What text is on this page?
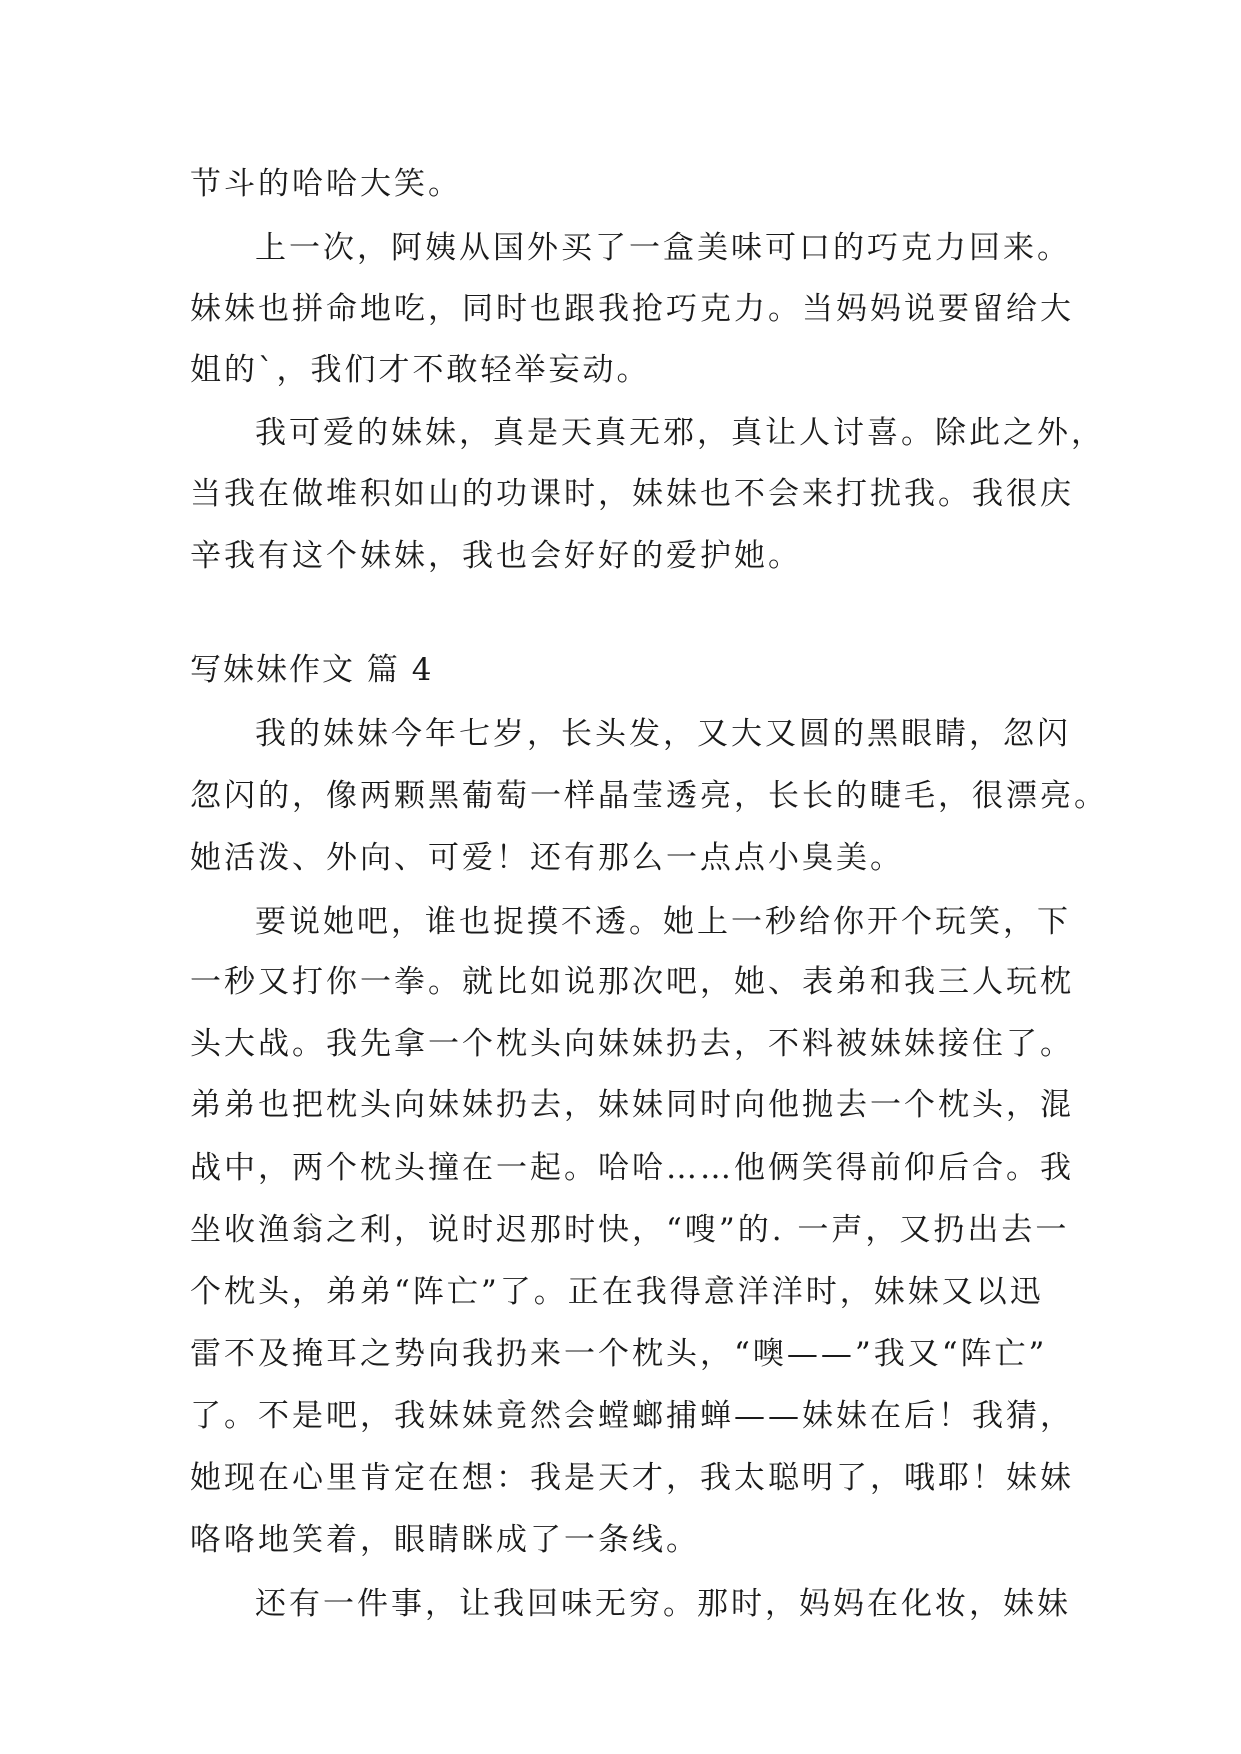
节斗的哈哈大笑。
上一次，阿姨从国外买了一盒美味可口的巧克力回来。
妹妹也拼命地吃，同时也跟我抢巧克力。当妈妈说要留给大
姐的`，我们才不敢轻举妄动。
我可爱的妹妹，真是天真无邪，真让人讨喜。除此之外，
当我在做堆积如山的功课时，妹妹也不会来打扰我。我很庆
辛我有这个妹妹，我也会好好的爱护她。
写妹妹作文 篇 4
我的妹妹今年七岁，长头发，又大又圆的黑眼睛，忽闪
忽闪的，像两颗黑葡萄一样晶莹透亮，长长的睫毛，很漂亮。
她活泼、外向、可爱！还有那么一点点小臭美。
要说她吧，谁也捉摸不透。她上一秒给你开个玩笑，下
一秒又打你一拳。就比如说那次吧，她、表弟和我三人玩枕
头大战。我先拿一个枕头向妹妹扔去，不料被妹妹接住了。
弟弟也把枕头向妹妹扔去，妹妹同时向他抛去一个枕头，混
战中，两个枕头撞在一起。哈哈……他俩笑得前仰后合。我
坐收渔翁之利，说时迟那时快，“嗖”的. 一声，又扔出去一
个枕头，弟弟“阵亡”了。正在我得意洋洋时，妹妹又以迅
雷不及掩耳之势向我扔来一个枕头，“噢——”我又“阵亡”
了。不是吧，我妹妹竟然会螳螂捕蝉——妹妹在后！我猜，
她现在心里肯定在想：我是天才，我太聪明了，哦耶！妹妹
咯咯地笑着，眼睛眯成了一条线。
还有一件事，让我回味无穷。那时，妈妈在化妆，妹妹
